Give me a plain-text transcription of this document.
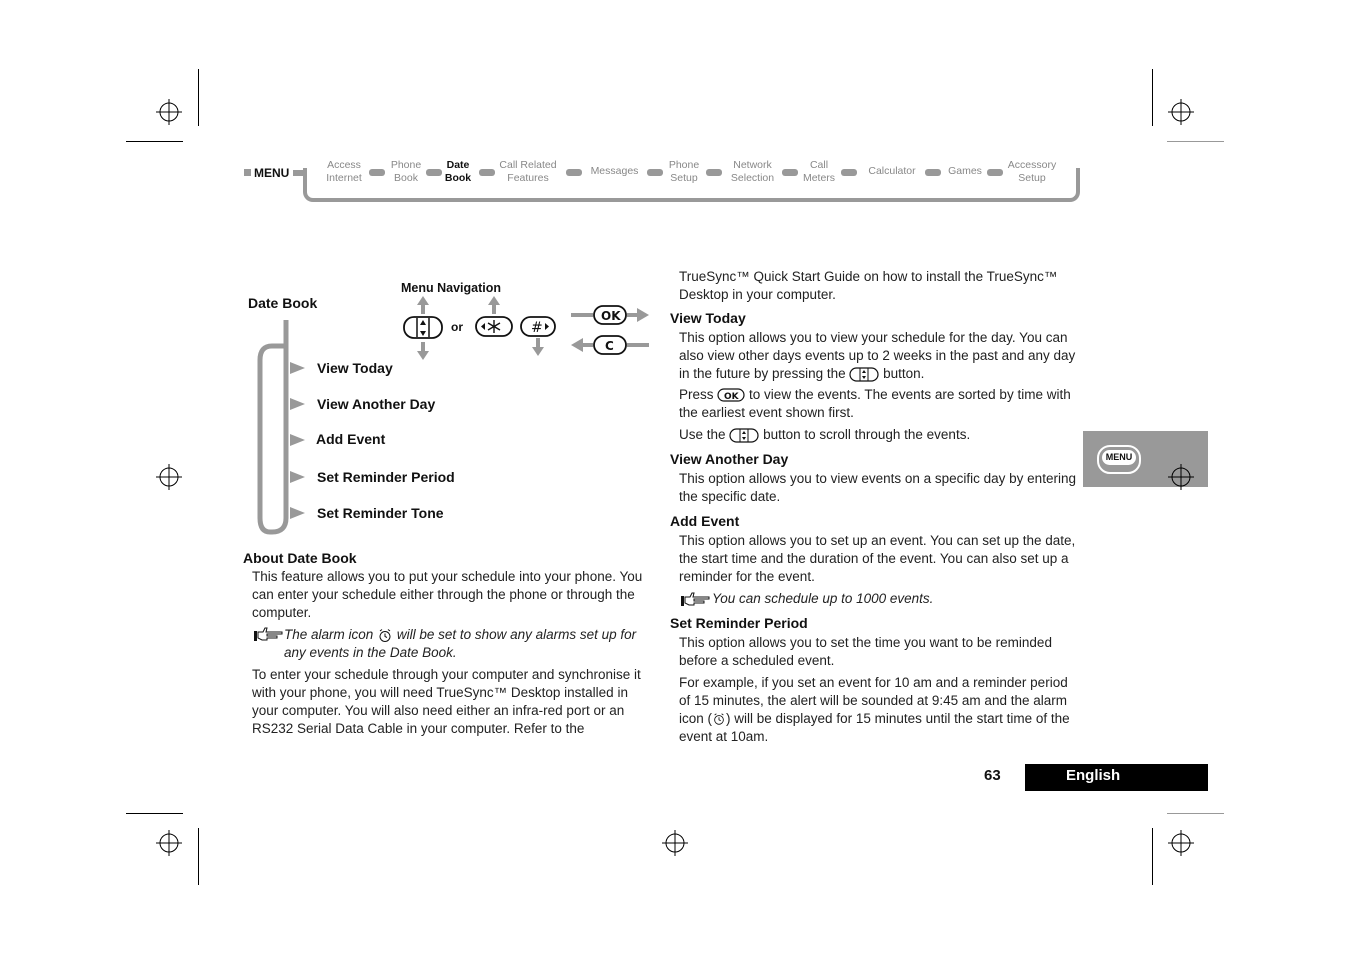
MENU
Access
Internet
Phone
Book
Date
Book
Call Related
Features
Messages	Phone
Setup
Network
Selection
Call
Meters
Calculator	Games	Accessory
Setup
Date Book
Menu Navigation
View Today
View Another Day
Add Event
Set Reminder Period
Set Reminder Tone
or	#
OK
C
About Date Book
This feature allows you to put your schedule into your phone. You can enter your schedule either through the phone or through the computer.
The alarm icon will be set to show any alarms set up for any events in the Date Book.
To enter your schedule through your computer and synchronise it with your phone, you will need TrueSync™ Desktop installed in your computer. You will also need either an infra-red port or an RS232 Serial Data Cable in your computer. Refer to the
TrueSync™ Quick Start Guide on how to install the TrueSync™ Desktop in your computer.
View Today
This option allows you to view your schedule for the day. You can also view other days events up to 2 weeks in the past and any day in the future by pressing the	button.
Press OK to view the events. The events are sorted by time with the earliest event shown first.
Use the	button to scroll through the events.
View Another Day
This option allows you to view events on a specific day by entering the specific date.
Add Event
This option allows you to set up an event. You can set up the date, the start time and the duration of the event. You can also set up a reminder for the event.
You can schedule up to 1000 events.
Set Reminder Period
This option allows you to set the time you want to be reminded before a scheduled event.
For example, if you set an event for 10 am and a reminder period of 15 minutes, the alert will be sounded at 9:45 am and the alarm icon ( ) will be displayed for 15 minutes until the start time of the event at 10am.
MENU
63	English
